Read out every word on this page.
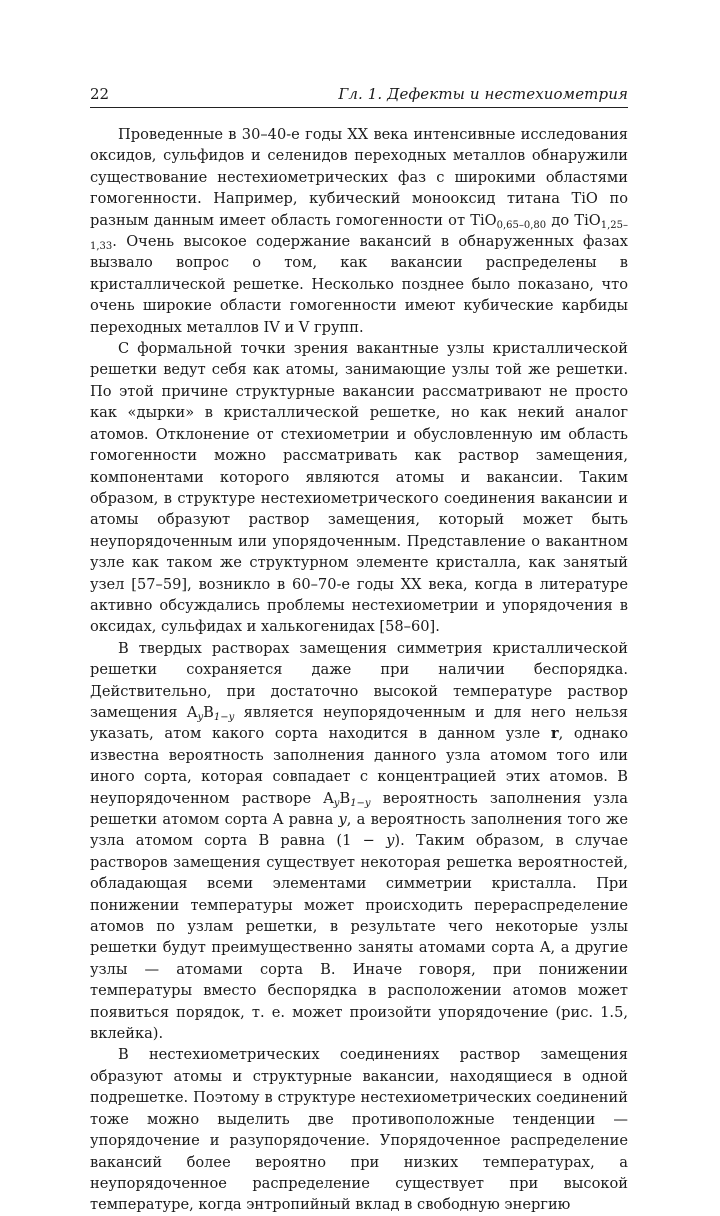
22	Гл. 1. Дефекты и нестехиометрия

Проведенные в 30–40-е годы XX века интенсивные исследования оксидов, сульфидов и селенидов переходных металлов обнаружили существование нестехиометрических фаз с широкими областями гомогенности. Например, кубический монооксид титана TiO по разным данным имеет область гомогенности от TiO$_{0,65-0,80}$ до TiO$_{1,25-1,33}$. Очень высокое содержание вакансий в обнаруженных фазах вызвало вопрос о том, как вакансии распределены в кристаллической решетке. Несколько позднее было показано, что очень широкие области гомогенности имеют кубические карбиды переходных металлов IV и V групп.

С формальной точки зрения вакантные узлы кристаллической решетки ведут себя как атомы, занимающие узлы той же решетки. По этой причине структурные вакансии рассматривают не просто как «дырки» в кристаллической решетке, но как некий аналог атомов. Отклонение от стехиометрии и обусловленную им область гомогенности можно рассматривать как раствор замещения, компонентами которого являются атомы и вакансии. Таким образом, в структуре нестехиометрического соединения вакансии и атомы образуют раствор замещения, который может быть неупорядоченным или упорядоченным. Представление о вакантном узле как таком же структурном элементе кристалла, как занятый узел [57–59], возникло в 60–70-е годы XX века, когда в литературе активно обсуждались проблемы нестехиометрии и упорядочения в оксидах, сульфидах и халькогенидах [58–60].

В твердых растворах замещения симметрия кристаллической решетки сохраняется даже при наличии беспорядка. Действительно, при достаточно высокой температуре раствор замещения $A_yB_{1-y}$ является неупорядоченным и для него нельзя указать, атом какого сорта находится в данном узле r, однако известна вероятность заполнения данного узла атомом того или иного сорта, которая совпадает с концентрацией этих атомов. В неупорядоченном растворе $A_yB_{1-y}$ вероятность заполнения узла решетки атомом сорта A равна y, а вероятность заполнения того же узла атомом сорта B равна (1 − y). Таким образом, в случае растворов замещения существует некоторая решетка вероятностей, обладающая всеми элементами симметрии кристалла. При понижении температуры может происходить перераспределение атомов по узлам решетки, в результате чего некоторые узлы решетки будут преимущественно заняты атомами сорта A, а другие узлы — атомами сорта B. Иначе говоря, при понижении температуры вместо беспорядка в расположении атомов может появиться порядок, т. е. может произойти упорядочение (рис. 1.5, вклейка).

В нестехиометрических соединениях раствор замещения образуют атомы и структурные вакансии, находящиеся в одной подрешетке. Поэтому в структуре нестехиометрических соединений тоже можно выделить две противоположные тенденции — упорядочение и разупорядочение. Упорядоченное распределение вакансий более вероятно при низких температурах, а неупорядоченное распределение существует при высокой температуре, когда энтропийный вклад в свободную энергию
